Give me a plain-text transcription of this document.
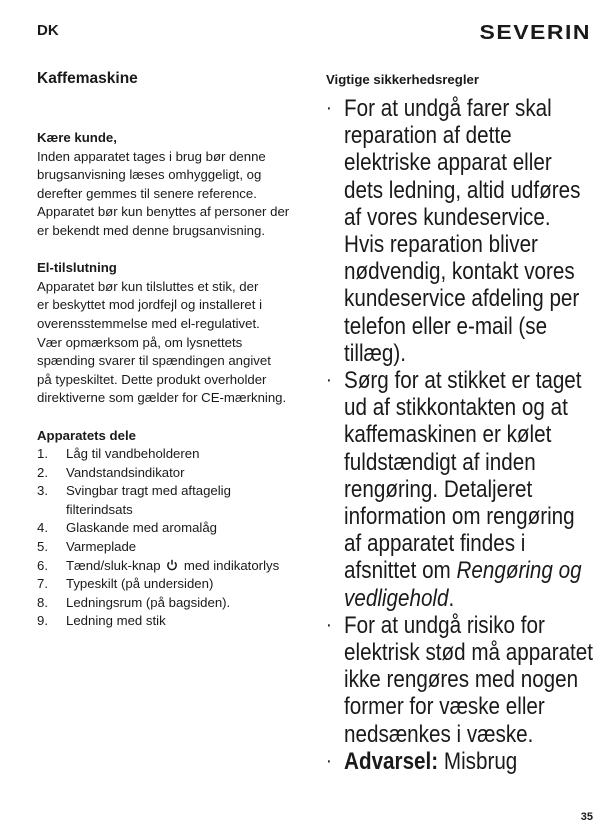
DK	SEVERIN
Kaffemaskine
Kære kunde,

Inden apparatet tages i brug bør denne

brugsanvisning læses omhyggeligt, og

derefter gemmes til senere reference.

Apparatet bør kun benyttes af personer der

er bekendt med denne brugsanvisning.

El-tilslutning

Apparatet bør kun tilsluttes et stik, der

er beskyttet mod jordfejl og installeret i

overensstemmelse med el-regulativet.

Vær opmærksom på, om lysnettets

spænding svarer til spændingen angivet

på typeskiltet. Dette produkt overholder

direktiverne som gælder for CE-mærkning.

Apparatets dele
1.	Låg til vandbeholderen
2.	Vandstandsindikator
3.	Svingbar tragt med aftagelig
filterindsats
4.	Glaskande med aromalåg
5.	Varmeplade
6.	Tænd/sluk-knap med indikatorlys
7.	Typeskilt (på undersiden)
8.	Ledningsrum (på bagsiden).
9.	Ledning med stik
Vigtige sikkerhedsregler
· For at undgå farer skal
reparation af dette
elektriske apparat eller
dets ledning, altid udføres
af vores kundeservice.
Hvis reparation bliver
nødvendig, kontakt vores
kundeservice afdeling per
telefon eller e-mail (se
tillæg).
· Sørg for at stikket er taget
ud af stikkontakten og at
kaffemaskinen er kølet
fuldstændigt af inden
rengøring. Detaljeret
information om rengøring
af apparatet findes i
afsnittet om Rengøring og
vedligehold.
· For at undgå risiko for
elektrisk stød må apparatet
ikke rengøres med nogen
former for væske eller
nedsænkes i væske.
· Advarsel: Misbrug
35
